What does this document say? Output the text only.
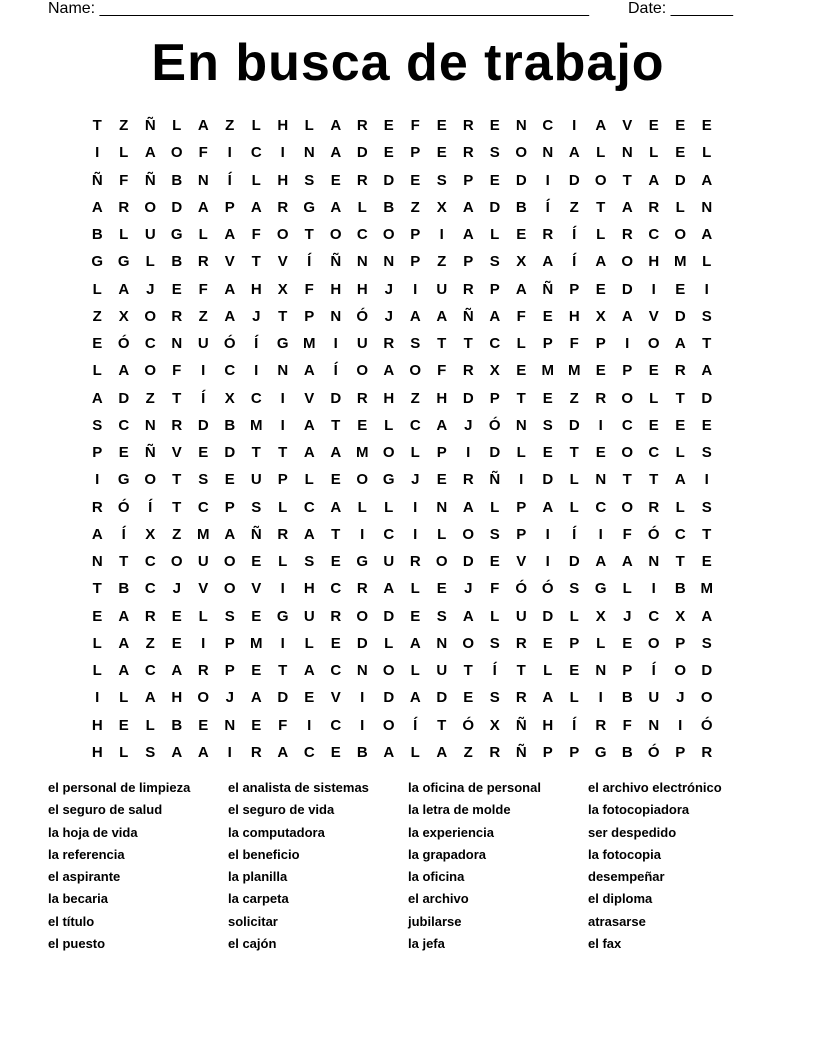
Name: _______________________________________________________ Date: _______
En busca de trabajo
T	Z	Ñ	L	A	Z	L	H	L	A	R	E	F	E	R	E	N	C	I	A	V	E	E	E
I	L	A	O	F	I	C	I	N	A	D	E	P	E	R	S	O	N	A	L	N	L	E	L
Ñ	F	Ñ	B	N	Í	L	H	S	E	R	D	E	S	P	E	D	I	D	O	T	A	D	A
A	R	O	D	A	P	A	R	G	A	L	B	Z	X	A	D	B	Í	Z	T	A	R	L	N
B	L	U	G	L	A	F	O	T	O	C	O	P	I	A	L	E	R	Í	L	R	C	O	A
G G	L	B	R	V	T	V	Í	Ñ	N	N	P	Z	P	S	X	A	Í	A	O	H M	L
L	A	J	E	F	A	H	X	F	H	H	J	I	U	R	P	A	Ñ	P	E	D	I	E	I
Z	X	O	R	Z	A	J	T	P	N	Ó	J	A	A	Ñ	A	F	E	H	X	A	V	D	S
E	Ó	C	N	U	Ó	Í	G M	I	U	R	S	T	T	C	L	P	F	P	I	O	A	T
L	A	O	F	I	C	I	N	A	Í	O	A	O	F	R	X	E	M M	E	P	E	R	A
A	D	Z	T	Í	X	C	I	V	D	R	H	Z	H	D	P	T	E	Z	R	O	L	T	D
S	C	N	R	D	B M	I	A	T	E	L	C	A	J	Ó	N	S	D	I	C	E	E	E
P	E	Ñ	V	E	D	T	T	A	A M O	L	P	I	D	L	E	T	E	O	C	L	S
I	G O	T	S	E	U	P	L	E	O G	J	E	R	Ñ	I	D	L	N	T	T	A	I
R	Ó	Í	T	C	P	S	L	C	A	L	L	I	N	A	L	P	A	L	C	O	R	L	S
A	Í	X	Z	M A	Ñ	R	A	T	I	C	I	L	O	S	P	I	Í	I	F	Ó	C	T
N	T	C	O	U	O	E	L	S	E	G	U	R	O	D	E	V	I	D	A	A	N	T	E
T	B	C	J	V	O	V	I	H	C	R	A	L	E	J	F	Ó Ó	S	G	L	I	B M
E	A	R	E	L	S	E	G	U	R	O	D	E	S	A	L	U	D	L	X	J	C	X	A
L	A	Z	E	I	P	M	I	L	E	D	L	A	N	O	S	R	E	P	L	E	O	P	S
L	A	C	A	R	P	E	T	A	C	N	O	L	U	T	Í	T	L	E	N	P	Í	O	D
I	L	A	H	O	J	A	D	E	V	I	D	A	D	E	S	R	A	L	I	B	U	J	O
H	E	L	B	E	N	E	F	I	C	I	O	Í	T	Ó	X	Ñ	H	Í	R	F	N	I	Ó
H	L	S	A	A	I	R	A	C	E	B	A	L	A	Z	R	Ñ	P	P	G	B	Ó	P	R
el personal de limpieza	el analista de sistemas	la oficina de personal	el archivo electrónico
el seguro de salud	el seguro de vida	la letra de molde	la fotocopiadora
la hoja de vida	la computadora	la experiencia	ser despedido
la referencia	el beneficio	la grapadora	la fotocopia
el aspirante	la planilla	la oficina	desempeñar
la becaria	la carpeta	el archivo	el diploma
el título	solicitar	jubilarse	atrasarse
el puesto	el cajón	la jefa	el fax
